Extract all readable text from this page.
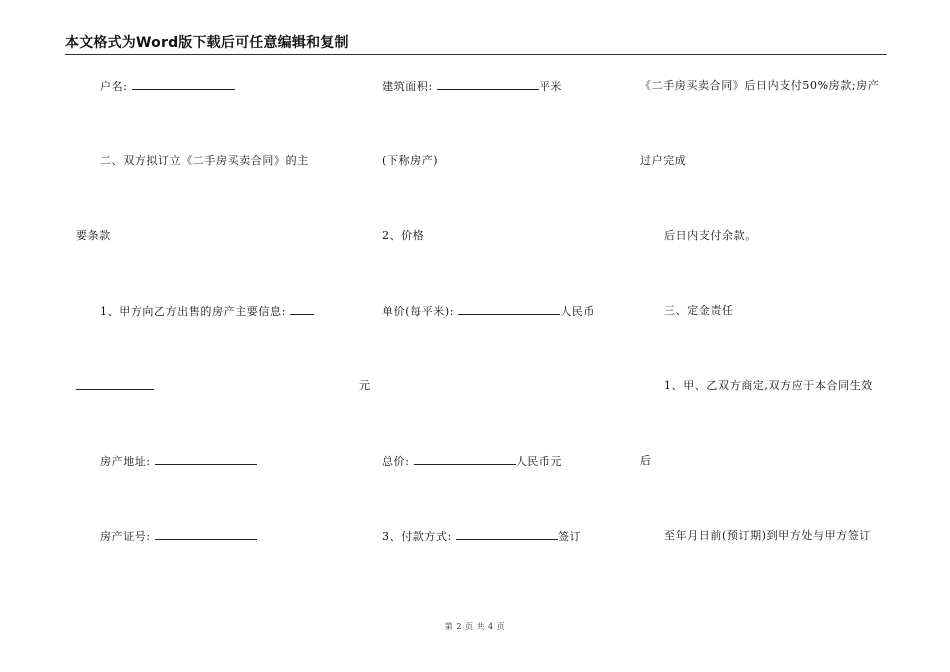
本文格式为Word版下载后可任意编辑和复制
户名:
二、双方拟订立《二手房买卖合同》的主
要条款
1、甲方向乙方出售的房产主要信息:
房产地址:
房产证号:
建筑面积:	平米
(下称房产)
2、价格
单价(每平米):	人民币
元
总价:	人民币元
3、付款方式:	签订
《二手房买卖合同》后日内支付50%房款;房产
过户完成
后日内支付余款。
三、定金责任
1、甲、乙双方商定,双方应于本合同生效
后
至年月日前(预订期)到甲方处与甲方签订
第 2 页 共 4 页
